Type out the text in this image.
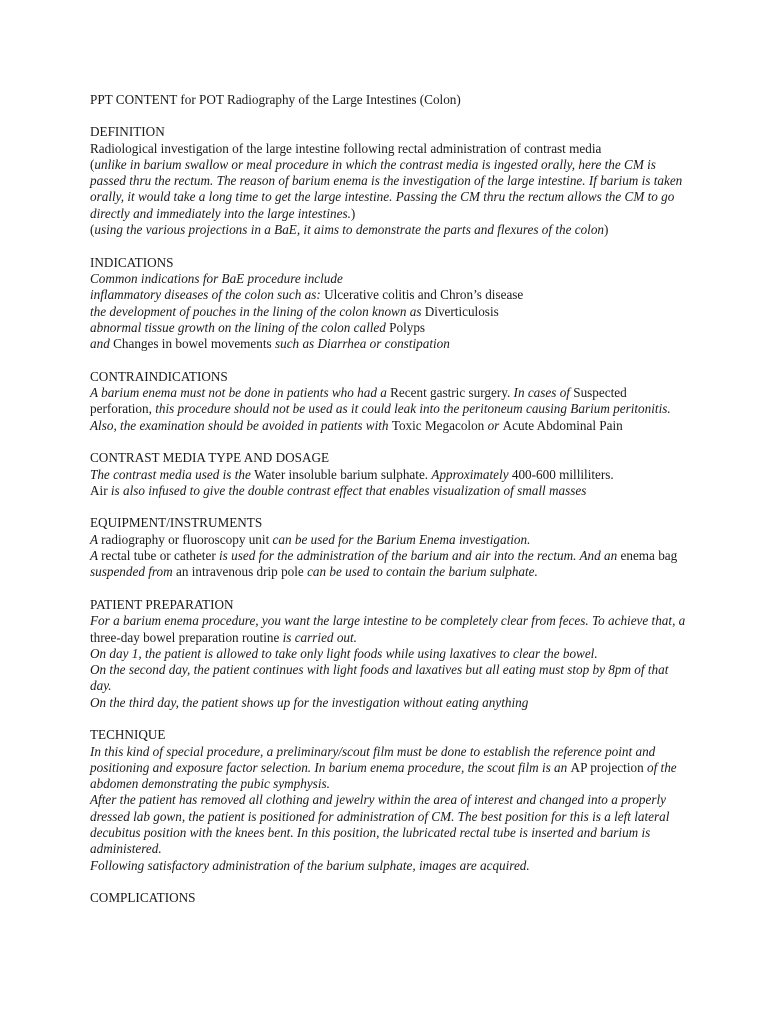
PPT CONTENT for POT Radiography of the Large Intestines (Colon)
DEFINITION
Radiological investigation of the large intestine following rectal administration of contrast media
(unlike in barium swallow or meal procedure in which the contrast media is ingested orally, here the CM is passed thru the rectum. The reason of barium enema is the investigation of the large intestine. If barium is taken orally, it would take a long time to get the large intestine. Passing the CM thru the rectum allows the CM to go directly and immediately into the large intestines.)
(using the various projections in a BaE, it aims to demonstrate the parts and flexures of the colon)
INDICATIONS
Common indications for BaE procedure include
inflammatory diseases of the colon such as: Ulcerative colitis and Chron’s disease
the development of pouches in the lining of the colon known as Diverticulosis
abnormal tissue growth on the lining of the colon called Polyps
and Changes in bowel movements such as Diarrhea or constipation
CONTRAINDICATIONS
A barium enema must not be done in patients who had a Recent gastric surgery. In cases of Suspected perforation, this procedure should not be used as it could leak into the peritoneum causing Barium peritonitis. Also, the examination should be avoided in patients with Toxic Megacolon or Acute Abdominal Pain
CONTRAST MEDIA TYPE AND DOSAGE
The contrast media used is the Water insoluble barium sulphate. Approximately 400-600 milliliters.
Air is also infused to give the double contrast effect that enables visualization of small masses
EQUIPMENT/INSTRUMENTS
A radiography or fluoroscopy unit can be used for the Barium Enema investigation.
A rectal tube or catheter is used for the administration of the barium and air into the rectum. And an enema bag suspended from an intravenous drip pole can be used to contain the barium sulphate.
PATIENT PREPARATION
For a barium enema procedure, you want the large intestine to be completely clear from feces. To achieve that, a three-day bowel preparation routine is carried out.
On day 1, the patient is allowed to take only light foods while using laxatives to clear the bowel.
On the second day, the patient continues with light foods and laxatives but all eating must stop by 8pm of that day.
On the third day, the patient shows up for the investigation without eating anything
TECHNIQUE
In this kind of special procedure, a preliminary/scout film must be done to establish the reference point and positioning and exposure factor selection. In barium enema procedure, the scout film is an AP projection of the abdomen demonstrating the pubic symphysis.
After the patient has removed all clothing and jewelry within the area of interest and changed into a properly dressed lab gown, the patient is positioned for administration of CM. The best position for this is a left lateral decubitus position with the knees bent. In this position, the lubricated rectal tube is inserted and barium is administered.
Following satisfactory administration of the barium sulphate, images are acquired.
COMPLICATIONS
